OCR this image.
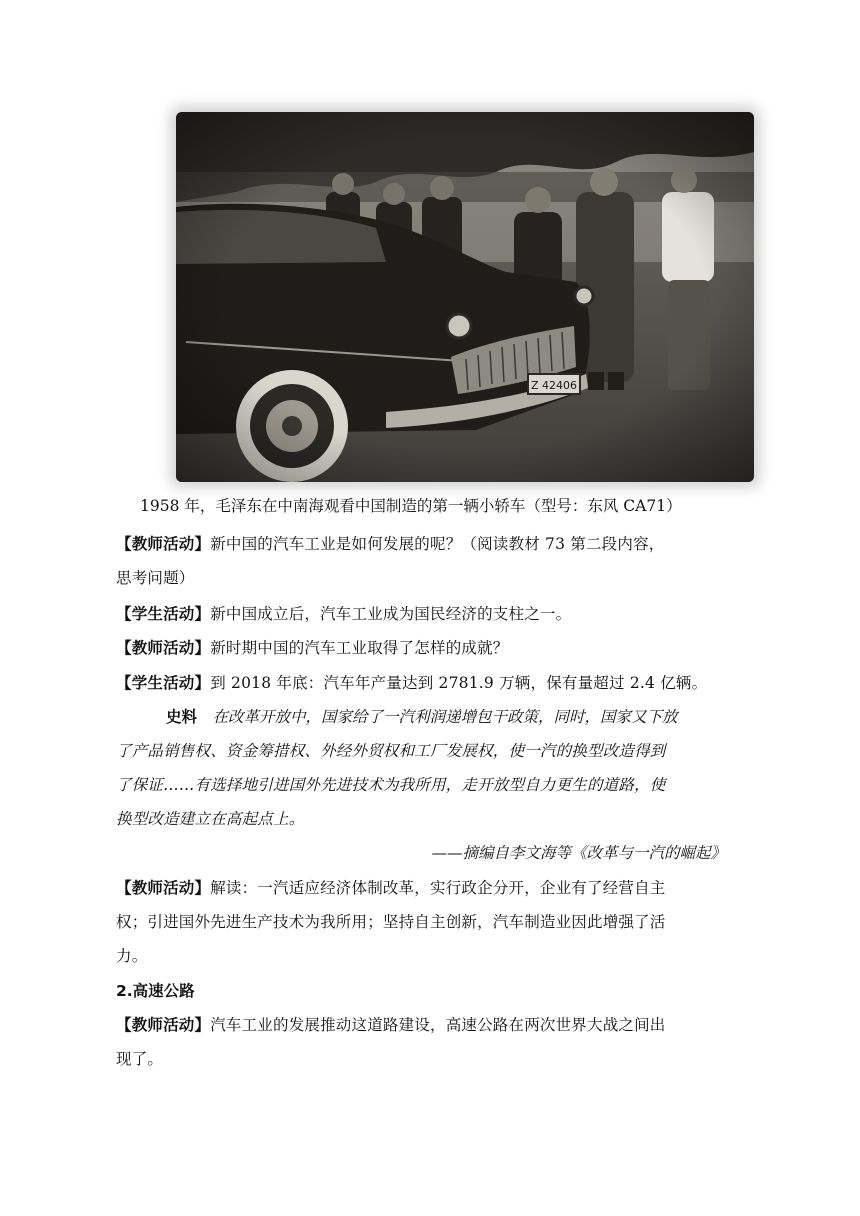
1958 年，毛泽东在中南海观看中国制造的第一辆小轿车（型号：东风 CA71）
【教师活动】新中国的汽车工业是如何发展的呢？（阅读教材 73 第二段内容，
思考问题）
【学生活动】新中国成立后，汽车工业成为国民经济的支柱之一。
【教师活动】新时期中国的汽车工业取得了怎样的成就？
【学生活动】到 2018 年底：汽车年产量达到 2781.9 万辆，保有量超过 2.4 亿辆。
史料  在改革开放中，国家给了一汽利润递增包干政策，同时，国家又下放
了产品销售权、资金筹措权、外经外贸权和工厂发展权，使一汽的换型改造得到
了保证……有选择地引进国外先进技术为我所用，走开放型自力更生的道路，使
换型改造建立在高起点上。
——摘编自李文海等《改革与一汽的崛起》
【教师活动】解读：一汽适应经济体制改革，实行政企分开，企业有了经营自主
权；引进国外先进生产技术为我所用；坚持自主创新，汽车制造业因此增强了活
力。
2.高速公路
【教师活动】汽车工业的发展推动这道路建设，高速公路在两次世界大战之间出
现了。
